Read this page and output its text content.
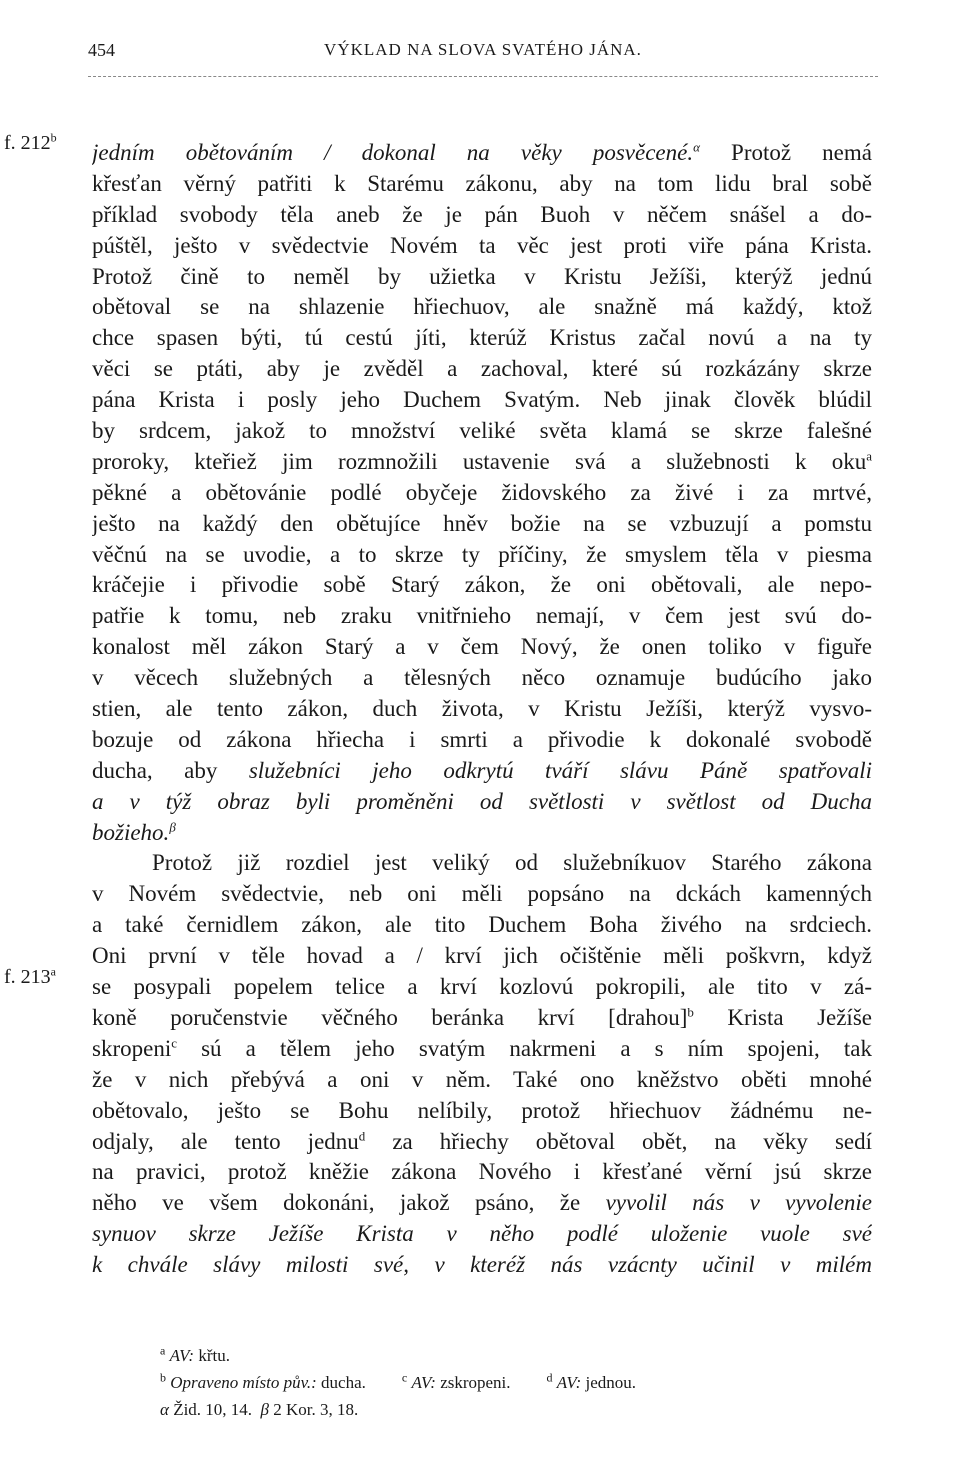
454	VÝKLAD NA SLOVA SVATÉHO JÁNA.
f. 212$^b$
f. 213$^a$
jedním obětováním / dokonal na věky posvěcené.$^\alpha$ Protož nemá
křesťan věrný patřiti k Starému zákonu, aby na tom lidu bral sobě
příklad svobody těla aneb že je pán Buoh v něčem snášel a do-
púštěl, ješto v svědectvie Novém ta věc jest proti viře pána Krista.
Protož čině to neměl by užietka v Kristu Ježíši, kterýž jednú
obětoval se na shlazenie hřiechuov, ale snažně má každý, ktož
chce spasen býti, tú cestú jíti, kterúž Kristus začal novú a na ty
věci se ptáti, aby je zvěděl a zachoval, které sú rozkázány skrze
pána Krista i posly jeho Duchem Svatým. Neb jinak člověk blúdil
by srdcem, jakož to množství veliké světa klamá se skrze falešné
proroky, kteřiež jim rozmnožili ustavenie svá a služebnosti k oku$^a$
pěkné a obětovánie podlé obyčeje židovského za živé i za mrtvé,
ješto na každý den obětujíce hněv božie na se vzbuzují a pomstu
věčnú na se uvodie, a to skrze ty příčiny, že smyslem těla v piesma
kráčejie i přivodie sobě Starý zákon, že oni obětovali, ale nepo-
patřie k tomu, neb zraku vnitřnieho nemají, v čem jest svú do-
konalost měl zákon Starý a v čem Nový, že onen toliko v figuře
v věcech služebných a tělesných něco oznamuje budúcího jako
stien, ale tento zákon, duch života, v Kristu Ježíši, kterýž vysvo-
bozuje od zákona hřiecha i smrti a přivodie k dokonalé svobodě
ducha, aby služebníci jeho odkrytú tváří slávu Páně spatřovali
a v týž obraz byli proměněni od světlosti v světlost od Ducha
božieho.$^\beta$
Protož již rozdiel jest veliký od služebníkuov Starého zákona
v Novém svědectvie, neb oni měli popsáno na dckách kamenných
a také černidlem zákon, ale tito Duchem Boha živého na srdciech.
Oni první v těle hovad a / krví jich očištěnie měli poškvrn, když
se posypali popelem telice a krví kozlovú pokropili, ale tito v zá-
koně poručenstvie věčného beránka krví [drahou]$^b$ Krista Ježíše
skropeni$^c$ sú a tělem jeho svatým nakrmeni a s ním spojeni, tak
že v nich přebývá a oni v něm. Také ono kněžstvo oběti mnohé
obětovalo, ješto se Bohu nelíbily, protož hřiechuov žádnému ne-
odjaly, ale tento jednu$^d$ za hřiechy obětoval obět, na věky sedí
na pravici, protož kněžie zákona Nového i křesťané věrní jsú skrze
něho ve všem dokonáni, jakož psáno, že vyvolil nás v vyvolenie
synuov skrze Ježíše Krista v něho podlé uloženie vuole své
k chvále slávy milosti své, v kteréž nás vzácnty učinil v milém
$^a$ AV: křtu.
$^b$ Opraveno místo pův.: ducha.	$^c$ AV: zskropeni.	$^d$ AV: jednou.
α Žid. 10, 14. β 2 Kor. 3, 18.
